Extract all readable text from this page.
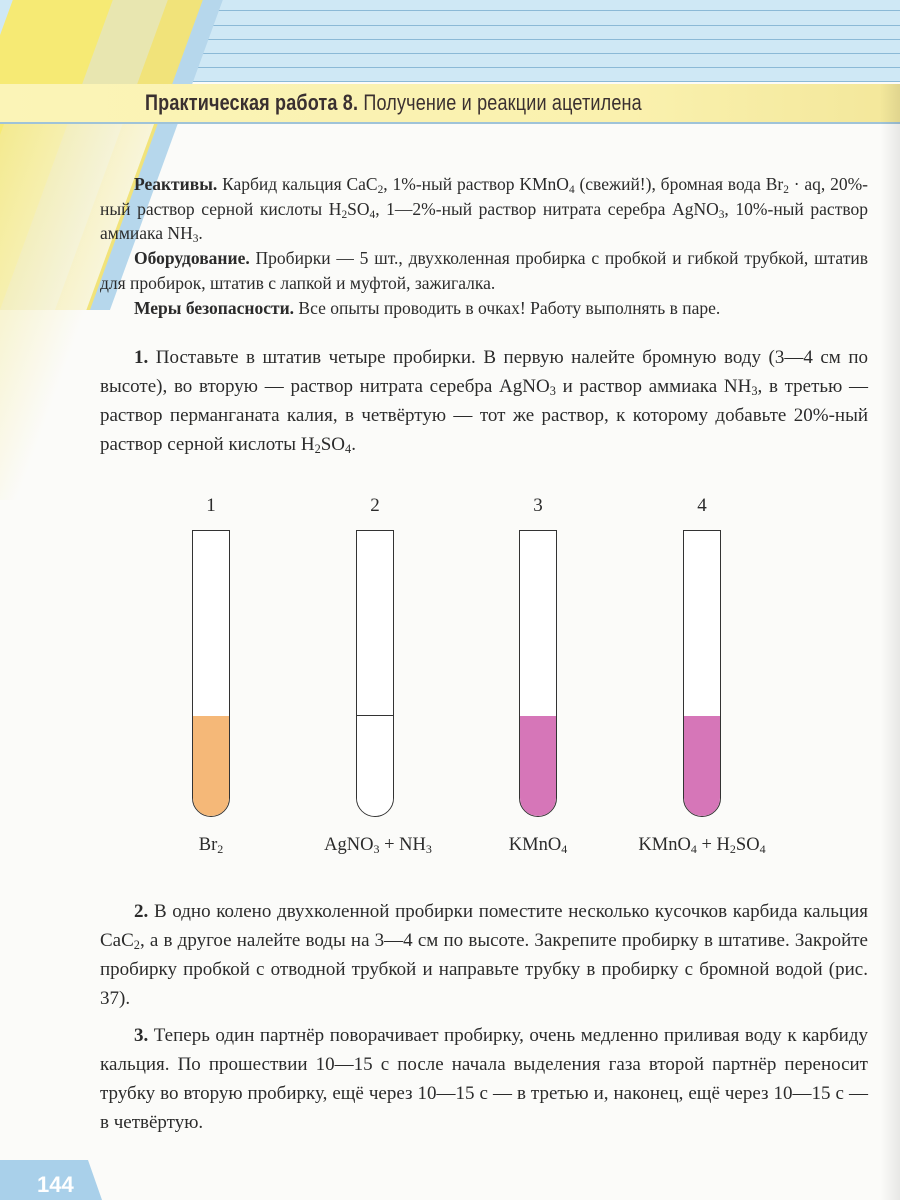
Практическая работа 8. Получение и реакции ацетилена
Реактивы. Карбид кальция CaC$_2$, 1%-ный раствор KMnO$_4$ (свежий!), бромная вода $Br_2$ · aq, 20%-ный раствор серной кислоты $H_2SO_4$, 1—2%-ный раствор нитрата серебра AgNO$_3$, 10%-ный раствор аммиака $NH_3$.
Оборудование. Пробирки — 5 шт., двухколенная пробирка с пробкой и гибкой трубкой, штатив для пробирок, штатив с лапкой и муфтой, зажигалка.
Меры безопасности. Все опыты проводить в очках! Работу выполнять в паре.
1. Поставьте в штатив четыре пробирки. В первую налейте бромную воду (3—4 см по высоте), во вторую — раствор нитрата серебра AgNO$_3$ и раствор аммиака $NH_3$, в третью — раствор перманганата калия, в четвёртую — тот же раствор, к которому добавьте 20%-ный раствор серной кислоты $H_2SO_4$.
1	2	3	4
$Br_2$	AgNO$_3$ + $NH_3$	KMnO$_4$	KMnO$_4$ + $H_2SO_4$
2. В одно колено двухколенной пробирки поместите несколько кусочков карбида кальция CaC$_2$, а в другое налейте воды на 3—4 см по высоте. Закрепите пробирку в штативе. Закройте пробирку пробкой с отводной трубкой и направьте трубку в пробирку с бромной водой (рис. 37).
3. Теперь один партнёр поворачивает пробирку, очень медленно приливая воду к карбиду кальция. По прошествии 10—15 с после начала выделения газа второй партнёр переносит трубку во вторую пробирку, ещё через 10—15 с — в третью и, наконец, ещё через 10—15 с — в четвёртую.
144
